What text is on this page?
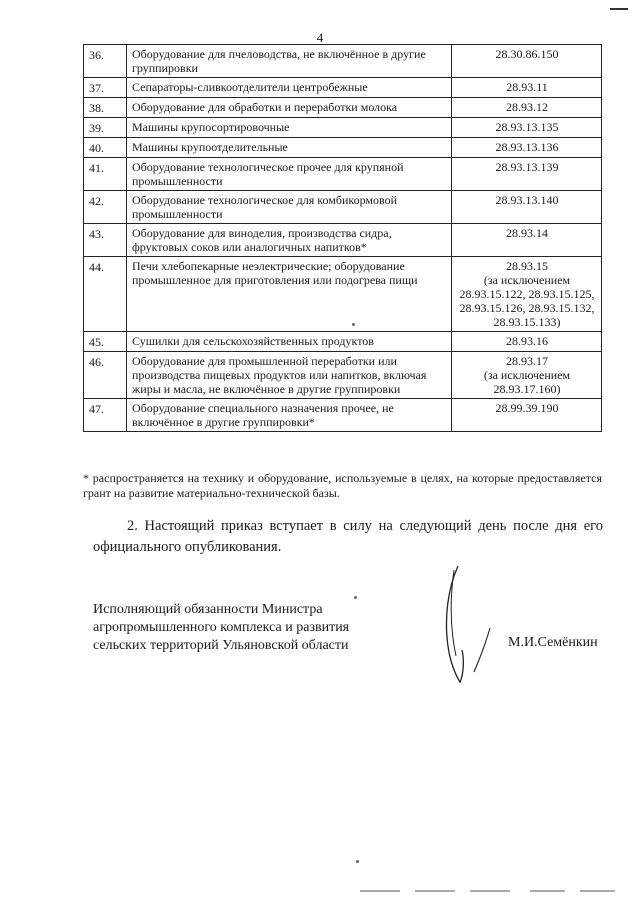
4
36.	Оборудование для пчеловодства, не включённое в другие группировки	28.30.86.150

37.	Сепараторы-сливкоотделители центробежные	28.93.11

38.	Оборудование для обработки и переработки молока	28.93.12

39.	Машины крупосортировочные	28.93.13.135

40.	Машины крупоотделительные	28.93.13.136

41.	Оборудование технологическое прочее для крупяной промышленности	28.93.13.139

42.	Оборудование технологическое для комбикормовой промышленности	28.93.13.140

43.	Оборудование для виноделия, производства сидра, фруктовых соков или аналогичных напитков*	28.93.14

44.	Печи хлебопекарные неэлектрические; оборудование промышленное для приготовления или подогрева пищи	28.93.15
(за исключением 28.93.15.122, 28.93.15.125, 28.93.15.126, 28.93.15.132, 28.93.15.133)

45.	Сушилки для сельскохозяйственных продуктов	28.93.16

46.	Оборудование для промышленной переработки или производства пищевых продуктов или напитков, включая жиры и масла, не включённое в другие группировки	28.93.17
(за исключением 28.93.17.160)

47.	Оборудование специального назначения прочее, не включённое в другие группировки*	28.99.39.190
* распространяется на технику и оборудование, используемые в целях, на которые предоставляется грант на развитие материально-технической базы.
2. Настоящий приказ вступает в силу на следующий день после дня его официального опубликования.
Исполняющий обязанности Министра
агропромышленного комплекса и развития
сельских территорий Ульяновской области	М.И.Семёнкин
